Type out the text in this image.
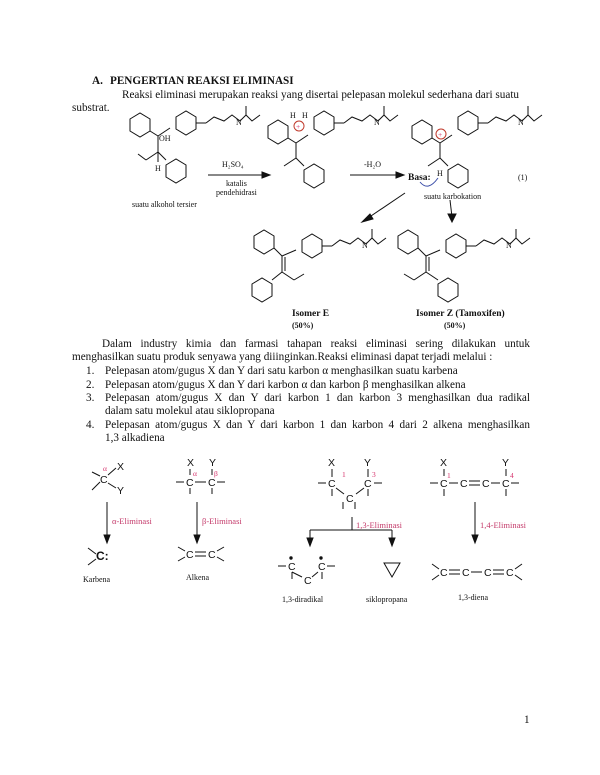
A. PENGERTIAN REAKSI ELIMINASI
Reaksi eliminasi merupakan reaksi yang disertai pelepasan molekul sederhana dari suatu
substrat.
OH
H
N
suatu alkohol tersier
H₂SO₄
katalis
pendehidrasi
+
H H
N
-H₂O
+
H
Basa:
suatu karbokation
(1)
N
N
Isomer E
(50%)
N
Isomer Z (Tamoxifen)
(50%)
Dalam industry kimia dan farmasi tahapan reaksi eliminasi sering dilakukan untuk
menghasilkan suatu produk senyawa yang diiinginkan.Reaksi eliminasi dapat terjadi melalui :
1. Pelepasan atom/gugus X dan Y dari satu karbon α menghasilkan suatu karbena
2. Pelepasan atom/gugus X dan Y dari karbon α dan karbon β menghasilkan alkena
3. Pelepasan atom/gugus X dan Y dari karbon 1 dan karbon 3 menghasilkan dua radikal
dalam satu molekul atau siklopropana
4. Pelepasan atom/gugus X dan Y dari karbon 1 dan karbon 4 dari 2 alkena menghasilkan
1,3 alkadiena
C
X
Y
α
α-Eliminasi
C:
Karbena
X Y
C C
α β
β-Eliminasi
C C
Alkena
X	Y
1	3
C	C
C
1,3-Eliminasi
C C
C
1,3-diradikal	siklopropana
X	Y
1	4
C C C C
1,4-Eliminasi
C C C C
1,3-diena
1
